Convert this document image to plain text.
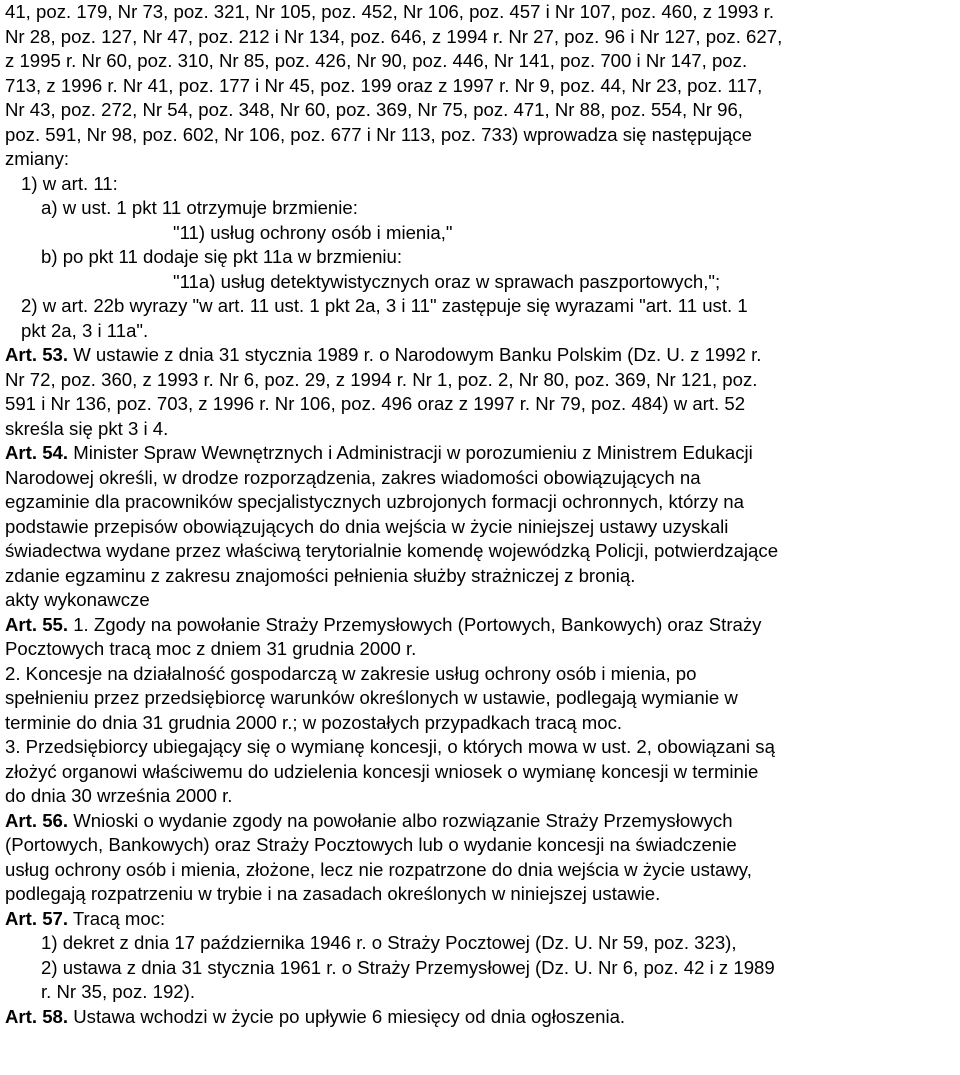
41, poz. 179, Nr 73, poz. 321, Nr 105, poz. 452, Nr 106, poz. 457 i Nr 107, poz. 460, z 1993 r.

Nr 28, poz. 127, Nr 47, poz. 212 i Nr 134, poz. 646, z 1994 r. Nr 27, poz. 96 i Nr 127, poz. 627,

z 1995 r. Nr 60, poz. 310, Nr 85, poz. 426, Nr 90, poz. 446, Nr 141, poz. 700 i Nr 147, poz.

713, z 1996 r. Nr 41, poz. 177 i Nr 45, poz. 199 oraz z 1997 r. Nr 9, poz. 44, Nr 23, poz. 117,

Nr 43, poz. 272, Nr 54, poz. 348, Nr 60, poz. 369, Nr 75, poz. 471, Nr 88, poz. 554, Nr 96,

poz. 591, Nr 98, poz. 602, Nr 106, poz. 677 i Nr 113, poz. 733) wprowadza się następujące

zmiany:

1) w art. 11:

a) w ust. 1 pkt 11 otrzymuje brzmienie:

"11) usług ochrony osób i mienia,"

b) po pkt 11 dodaje się pkt 11a w brzmieniu:

"11a) usług detektywistycznych oraz w sprawach paszportowych,";

2) w art. 22b wyrazy "w art. 11 ust. 1 pkt 2a, 3 i 11" zastępuje się wyrazami "art. 11 ust. 1

pkt 2a, 3 i 11a".

Art. 53. W ustawie z dnia 31 stycznia 1989 r. o Narodowym Banku Polskim (Dz. U. z 1992 r.

Nr 72, poz. 360, z 1993 r. Nr 6, poz. 29, z 1994 r. Nr 1, poz. 2, Nr 80, poz. 369, Nr 121, poz.

591 i Nr 136, poz. 703, z 1996 r. Nr 106, poz. 496 oraz z 1997 r. Nr 79, poz. 484) w art. 52

skreśla się pkt 3 i 4.

Art. 54. Minister Spraw Wewnętrznych i Administracji w porozumieniu z Ministrem Edukacji

Narodowej określi, w drodze rozporządzenia, zakres wiadomości obowiązujących na

egzaminie dla pracowników specjalistycznych uzbrojonych formacji ochronnych, którzy na

podstawie przepisów obowiązujących do dnia wejścia w życie niniejszej ustawy uzyskali

świadectwa wydane przez właściwą terytorialnie komendę wojewódzką Policji, potwierdzające

zdanie egzaminu z zakresu znajomości pełnienia służby strażniczej z bronią.

akty wykonawcze

Art. 55. 1. Zgody na powołanie Straży Przemysłowych (Portowych, Bankowych) oraz Straży

Pocztowych tracą moc z dniem 31 grudnia 2000 r.

2. Koncesje na działalność gospodarczą w zakresie usług ochrony osób i mienia, po

spełnieniu przez przedsiębiorcę warunków określonych w ustawie, podlegają wymianie w

terminie do dnia 31 grudnia 2000 r.; w pozostałych przypadkach tracą moc.

3. Przedsiębiorcy ubiegający się o wymianę koncesji, o których mowa w ust. 2, obowiązani są

złożyć organowi właściwemu do udzielenia koncesji wniosek o wymianę koncesji w terminie

do dnia 30 września 2000 r.

Art. 56. Wnioski o wydanie zgody na powołanie albo rozwiązanie Straży Przemysłowych

(Portowych, Bankowych) oraz Straży Pocztowych lub o wydanie koncesji na świadczenie

usług ochrony osób i mienia, złożone, lecz nie rozpatrzone do dnia wejścia w życie ustawy,

podlegają rozpatrzeniu w trybie i na zasadach określonych w niniejszej ustawie.

Art. 57. Tracą moc:

1) dekret z dnia 17 października 1946 r. o Straży Pocztowej (Dz. U. Nr 59, poz. 323),

2) ustawa z dnia 31 stycznia 1961 r. o Straży Przemysłowej (Dz. U. Nr 6, poz. 42 i z 1989

r. Nr 35, poz. 192).

Art. 58. Ustawa wchodzi w życie po upływie 6 miesięcy od dnia ogłoszenia.
